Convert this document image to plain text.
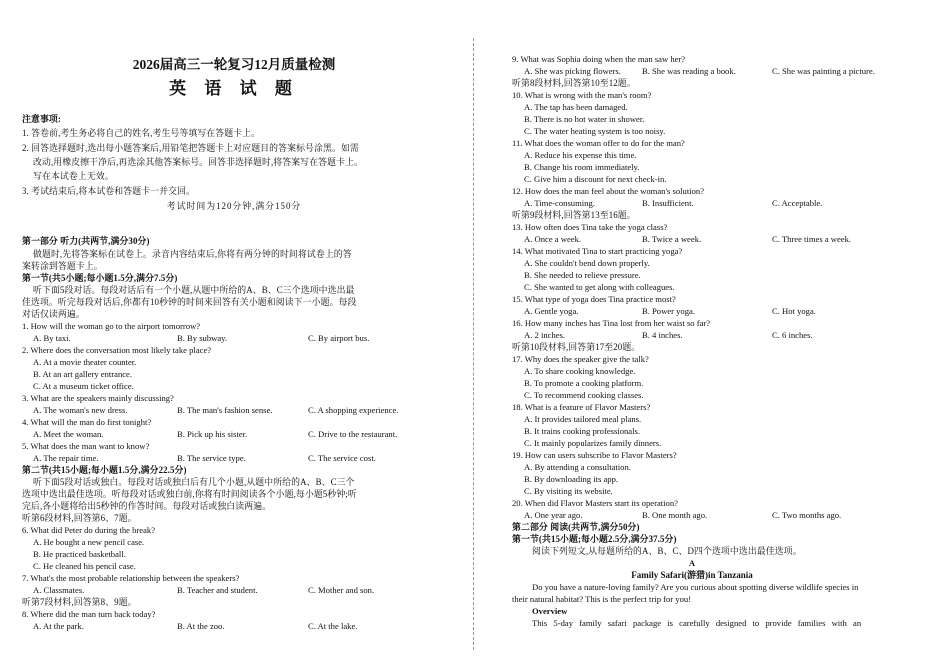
2026届高三一轮复习12月质量检测
英 语 试 题
注意事项:
1. 答卷前,考生务必将自己的姓名,考生号等填写在答题卡上。
2. 回答选择题时,选出每小题答案后,用铅笔把答题卡上对应题目的答案标号涂黑。如需
改动,用橡皮擦干净后,再选涂其他答案标号。回答非选择题时,将答案写在答题卡上。
写在本试卷上无效。
3. 考试结束后,将本试卷和答题卡一并交回。
考试时间为120分钟,满分150分
第一部分 听力(共两节,满分30分)
做题时,先将答案标在试卷上。录音内容结束后,你将有两分钟的时间将试卷上的答
案转涂到答题卡上。
第一节(共5小题;每小题1.5分,满分7.5分)
听下面5段对话。每段对话后有一个小题,从题中所给的A、B、C三个选项中选出最
佳选项。听完每段对话后,你都有10秒钟的时间来回答有关小题和阅读下一小题。每段
对话仅读两遍。
1. How will the woman go to the airport tomorrow?
A. By taxi.	B. By subway.	C. By airport bus.
2. Where does the conversation most likely take place?
A. At a movie theater counter.
B. At an art gallery entrance.
C. At a museum ticket office.
3. What are the speakers mainly discussing?
A. The woman's new dress.	B. The man's fashion sense.	C. A shopping experience.
4. What will the man do first tonight?
A. Meet the woman.	B. Pick up his sister.	C. Drive to the restaurant.
5. What does the man want to know?
A. The repair time.	B. The service type.	C. The service cost.
第二节(共15小题;每小题1.5分,满分22.5分)
听下面5段对话或独白。每段对话或独白后有几个小题,从题中所给的A、B、C三个
选项中选出最佳选项。听每段对话或独白前,你将有时间阅读各个小题,每小题5秒钟;听
完后,各小题将给出5秒钟的作答时间。每段对话或独白读两遍。
听第6段材料,回答第6、7题。
6. What did Peter do during the break?
A. He bought a new pencil case.
B. He practiced basketball.
C. He cleaned his pencil case.
7. What's the most probable relationship between the speakers?
A. Classmates.	B. Teacher and student.	C. Mother and son.
听第7段材料,回答第8、9题。
8. Where did the man turn back today?
A. At the park.	B. At the zoo.	C. At the lake.
9. What was Sophia doing when the man saw her?
A. She was picking flowers. B. She was reading a book.	C. She was painting a picture.
听第8段材料,回答第10至12题。
10. What is wrong with the man's room?
A. The tap has been damaged.
B. There is no hot water in shower.
C. The water heating system is too noisy.
11. What does the woman offer to do for the man?
A. Reduce his expense this time.
B. Change his room immediately.
C. Give him a discount for next check-in.
12. How does the man feel about the woman's solution?
A. Time-consuming.	B. Insufficient.	C. Acceptable.
听第9段材料,回答第13至16题。
13. How often does Tina take the yoga class?
A. Once a week.	B. Twice a week.	C. Three times a week.
14. What motivated Tina to start practicing yoga?
A. She couldn't bend down properly.
B. She needed to relieve pressure.
C. She wanted to get along with colleagues.
15. What type of yoga does Tina practice most?
A. Gentle yoga.	B. Power yoga.	C. Hot yoga.
16. How many inches has Tina lost from her waist so far?
A. 2 inches.	B. 4 inches.	C. 6 inches.
听第10段材料,回答第17至20题。
17. Why does the speaker give the talk?
A. To share cooking knowledge.
B. To promote a cooking platform.
C. To recommend cooking classes.
18. What is a feature of Flavor Masters?
A. It provides tailored meal plans.
B. It trains cooking professionals.
C. It mainly popularizes family dinners.
19. How can users subscribe to Flavor Masters?
A. By attending a consultation.
B. By downloading its app.
C. By visiting its website.
20. When did Flavor Masters start its operation?
A. One year ago.	B. One month ago.	C. Two months ago.
第二部分 阅读(共两节,满分50分)
第一节(共15小题;每小题2.5分,满分37.5分)
阅读下列短文,从每题所给的A、B、C、D四个选项中选出最佳选项。
A
Family Safari(游猎)in Tanzania
Do you have a nature-loving family? Are you curious about spotting diverse wildlife species in
their natural habitat? This is the perfect trip for you!
Overview
This 5-day family safari package is carefully designed to provide families with an
